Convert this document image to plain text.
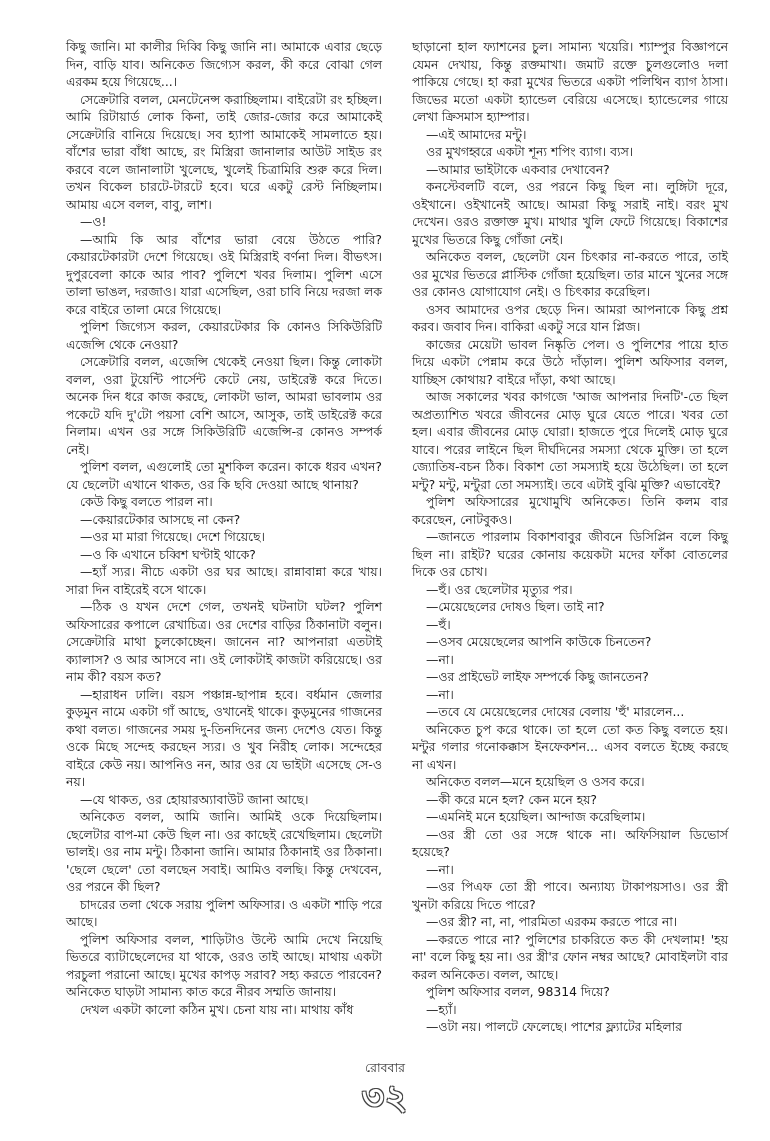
কিছু জানি। মা কালীর দিব্বি কিছু জানি না। আমাকে এবার ছেড়ে দিন, বাড়ি যাব। অনিকেত জিগ্যেস করল, কী করে বোঝা গেল এরকম হয়ে গিয়েছে...।

সেক্রেটারি বলল, মেনটেনেন্স করাচ্ছিলাম। বাইরেটা রং হচ্ছিল। আমি রিটায়ার্ড লোক কিনা, তাই জোর-জোর করে আমাকেই সেক্রেটারি বানিয়ে দিয়েছে। সব হ্যাপা আমাকেই সামলাতে হয়। বাঁশের ভারা বাঁধা আছে, রং মিস্ত্রিরা জানালার আউট সাইড রং করবে বলে জানালাটা খুলেছে, খুলেই চিত্রামিরি শুরু করে দিল। তখন বিকেল চারটে-টারটে হবে। ঘরে একটু রেস্ট নিচ্ছিলাম। আমায় এসে বলল, বাবু, লাশ।

—ও!

—আমি কি আর বাঁশের ভারা বেয়ে উঠতে পারি? কেয়ারটেকারটা দেশে গিয়েছে। ওই মিস্ত্রিরাই বর্ণনা দিল। বীভৎস। দুপুরবেলা কাকে আর পাব? পুলিশে খবর দিলাম। পুলিশ এসে তালা ভাঙল, দরজাও। যারা এসেছিল, ওরা চাবি নিয়ে দরজা লক করে বাইরে তালা মেরে গিয়েছে।

পুলিশ জিগ্যেস করল, কেয়ারটেকার কি কোনও সিকিউরিটি এজেন্সি থেকে নেওয়া?

সেক্রেটারি বলল, এজেন্সি থেকেই নেওয়া ছিল। কিন্তু লোকটা বলল, ওরা টুয়েন্টি পার্সেন্ট কেটে নেয়, ডাইরেক্ট করে দিতে। অনেক দিন ধরে কাজ করছে, লোকটা ভাল, আমরা ভাবলাম ওর পকেটে যদি দু'টো পয়সা বেশি আসে, আসুক, তাই ডাইরেক্ট করে নিলাম। এখন ওর সঙ্গে সিকিউরিটি এজেন্সি-র কোনও সম্পর্ক নেই।

পুলিশ বলল, এগুলোই তো মুশকিল করেন। কাকে ধরব এখন? যে ছেলেটা এখানে থাকত, ওর কি ছবি দেওয়া আছে থানায়?

কেউ কিছু বলতে পারল না।

—কেয়ারটেকার আসছে না কেন?

—ওর মা মারা গিয়েছে। দেশে গিয়েছে।

—ও কি এখানে চব্বিশ ঘণ্টাই থাকে?

—হ্যাঁ স্যর। নীচে একটা ওর ঘর আছে। রান্নাবান্না করে খায়। সারা দিন বাইরেই বসে থাকে।

—ঠিক ও যখন দেশে গেল, তখনই ঘটনাটা ঘটল? পুলিশ অফিসারের কপালে রেখাচিত্র। ওর দেশের বাড়ির ঠিকানাটা বলুন। সেক্রেটারি মাথা চুলকোচ্ছেন। জানেন না? আপনারা এতটাই ক্যালাস? ও আর আসবে না। ওই লোকটাই কাজটা করিয়েছে। ওর নাম কী? বয়স কত?

—হারাধন ঢালি। বয়স পঞ্চান্ন-ছাপান্ন হবে। বর্ধমান জেলার কুড়মুন নামে একটা গাঁ আছে, ওখানেই থাকে। কুড়মুনের গাজনের কথা বলত। গাজনের সময় দু-তিনদিনের জন্য দেশেও যেত। কিন্তু ওকে মিছে সন্দেহ করছেন স্যর। ও খুব নিরীহ লোক। সন্দেহের বাইরে কেউ নয়। আপনিও নন, আর ওর যে ভাইটা এসেছে সে-ও নয়।

—যে থাকত, ওর হোয়ারঅ্যাবাউট জানা আছে।

অনিকেত বলল, আমি জানি। আমিই ওকে দিয়েছিলাম। ছেলেটার বাপ-মা কেউ ছিল না। ওর কাছেই রেখেছিলাম। ছেলেটা ভালই। ওর নাম মন্টু। ঠিকানা জানি। আমার ঠিকানাই ওর ঠিকানা। 'ছেলে ছেলে' তো বলছেন সবাই। আমিও বলছি। কিন্তু দেখবেন, ওর পরনে কী ছিল?

চাদরের তলা থেকে সরায় পুলিশ অফিসার। ও একটা শাড়ি পরে আছে।

পুলিশ অফিসার বলল, শাড়িটাও উল্টে আমি দেখে নিয়েছি ভিতরে ব্যাটাছেলেদের যা থাকে, ওরও তাই আছে। মাথায় একটা পরচুলা পরানো আছে। মুখের কাপড় সরাব? সহ্য করতে পারবেন? অনিকেত ঘাড়টা সামান্য কাত করে নীরব সম্মতি জানায়।

দেখল একটা কালো কঠিন মুখ। চেনা যায় না। মাথায় কাঁধ

ছাড়ানো হাল ফ্যাশনের চুল। সামান্য খয়েরি। শ্যাম্পুর বিজ্ঞাপনে যেমন দেখায়, কিন্তু রক্তমাখা। জমাট রক্তে চুলগুলোও দলা পাকিয়ে গেছে। হা করা মুখের ভিতরে একটা পলিথিন ব্যাগ ঠাসা। জিভের মতো একটা হ্যান্ডেল বেরিয়ে এসেছে। হ্যান্ডেলের গায়ে লেখা ক্রিসমাস হ্যাম্পার।

—এই আমাদের মন্টু।

ওর মুখগহ্বরে একটা শূন্য শপিং ব্যাগ। ব্যস।

—আমার ভাইটাকে একবার দেখাবেন?

কনস্টেবলটি বলে, ওর পরনে কিছু ছিল না। লুঙ্গিটা দূরে, ওইখানে। ওইখানেই আছে। আমরা কিছু সরাই নাই। বরং মুখ দেখেন। ওরও রক্তাক্ত মুখ। মাথার খুলি ফেটে গিয়েছে। বিকাশের মুখের ভিতরে কিছু গোঁজা নেই।

অনিকেত বলল, ছেলেটা যেন চিৎকার না-করতে পারে, তাই ওর মুখের ভিতরে প্লাস্টিক গোঁজা হয়েছিল। তার মানে খুনের সঙ্গে ওর কোনও যোগাযোগ নেই। ও চিৎকার করেছিল।

ওসব আমাদের ওপর ছেড়ে দিন। আমরা আপনাকে কিছু প্রশ্ন করব। জবাব দিন। বাকিরা একটু সরে যান প্লিজ।

কাজের মেয়েটা ভাবল নিষ্কৃতি পেল। ও পুলিশের পায়ে হাত দিয়ে একটা পেন্নাম করে উঠে দাঁড়াল। পুলিশ অফিসার বলল, যাচ্ছিস কোথায়? বাইরে দাঁড়া, কথা আছে।

আজ সকালের খবর কাগজে 'আজ আপনার দিনটি'-তে ছিল অপ্রত্যাশিত খবরে জীবনের মোড় ঘুরে যেতে পারে। খবর তো হল। এবার জীবনের মোড় ঘোরা। হাজতে পুরে দিলেই মোড় ঘুরে যাবে। পরের লাইনে ছিল দীর্ঘদিনের সমস্যা থেকে মুক্তি। তা হলে জ্যোতিষ-বচন ঠিক। বিকাশ তো সমস্যাই হয়ে উঠেছিল। তা হলে মন্টু? মন্টু, মন্টুরা তো সমস্যাই। তবে এটাই বুঝি মুক্তি? এভাবেই?

পুলিশ অফিসারের মুখোমুখি অনিকেত। তিনি কলম বার করেছেন, নোটবুকও।

—জানতে পারলাম বিকাশবাবুর জীবনে ডিসিপ্লিন বলে কিছু ছিল না। রাইট? ঘরের কোনায় কয়েকটা মদের ফাঁকা বোতলের দিকে ওর চোখ।

—হুঁ। ওর ছেলেটার মৃত্যুর পর।

—মেয়েছেলের দোষও ছিল। তাই না?

—হুঁ।

—ওসব মেয়েছেলের আপনি কাউকে চিনতেন?

—না।

—ওর প্রাইভেট লাইফ সম্পর্কে কিছু জানতেন?

—না।

—তবে যে মেয়েছেলের দোষের বেলায় 'হুঁ' মারলেন...

অনিকেত চুপ করে থাকে। তা হলে তো কত কিছু বলতে হয়। মন্টুর গলার গনোকক্কাস ইনফেকশন... এসব বলতে ইচ্ছে করছে না এখন।

অনিকেত বলল—মনে হয়েছিল ও ওসব করে।

—কী করে মনে হল? কেন মনে হয়?

—এমনিই মনে হয়েছিল। আন্দাজ করেছিলাম।

—ওর স্ত্রী তো ওর সঙ্গে থাকে না। অফিসিয়াল ডিভোর্স হয়েছে?

—না।

—ওর পিএফ তো স্ত্রী পাবে। অন্যায্য টাকাপয়সাও। ওর স্ত্রী খুনটা করিয়ে দিতে পারে?

—ওর স্ত্রী? না, না, পারমিতা এরকম করতে পারে না।

—করতে পারে না? পুলিশের চাকরিতে কত কী দেখলাম! 'হয় না' বলে কিছু হয় না। ওর স্ত্রী'র ফোন নম্বর আছে? মোবাইলটা বার করল অনিকেত। বলল, আছে।

পুলিশ অফিসার বলল, 98314 দিয়ে?

—হ্যাঁ।

—ওটা নয়। পালটে ফেলেছে। পাশের ফ্ল্যাটের মহিলার

রোববার
৩২
